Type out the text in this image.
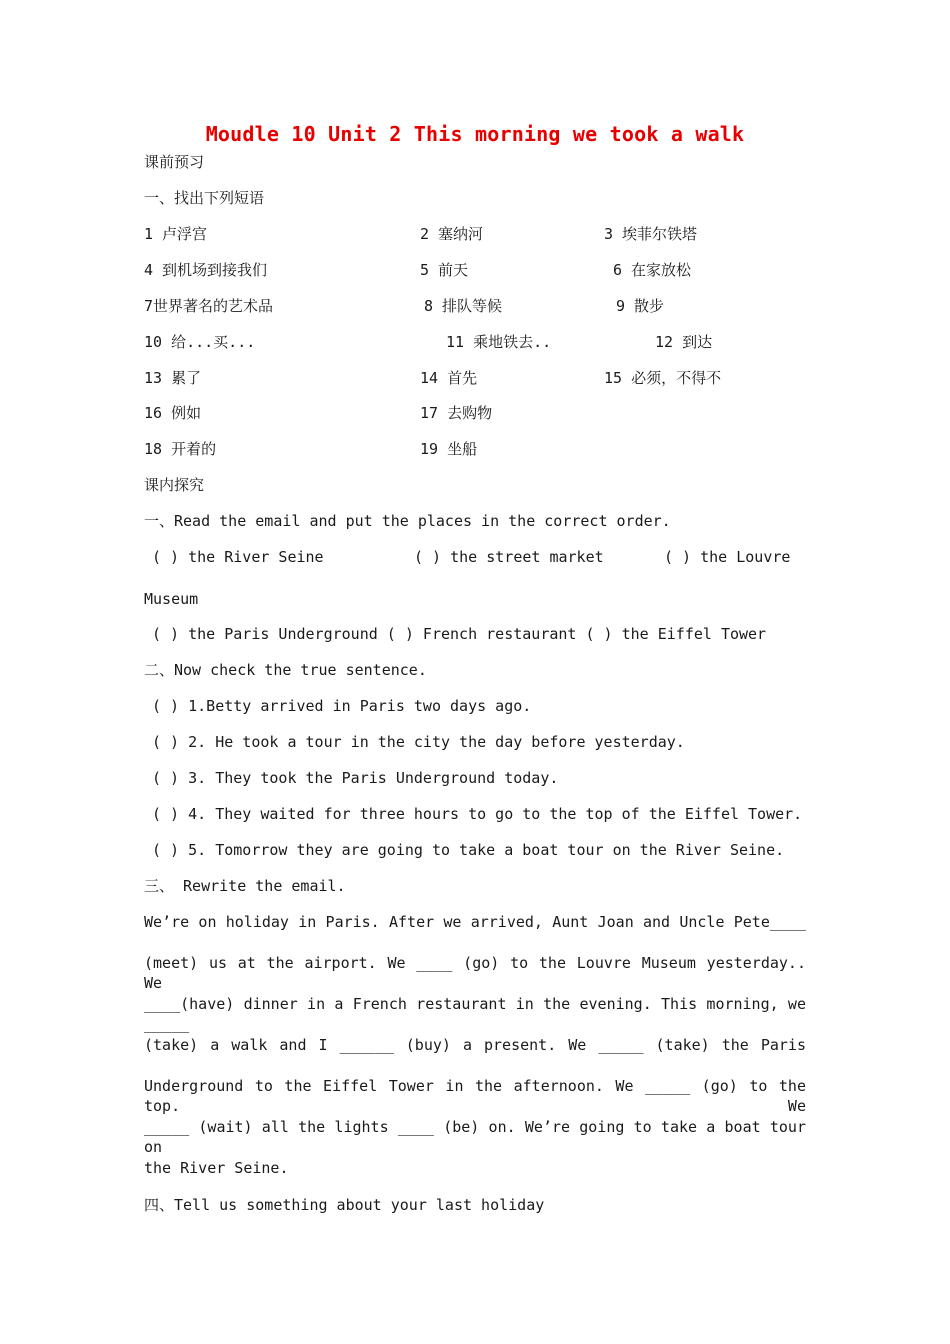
Moudle 10 Unit 2 This morning we took a walk
课前预习
一、找出下列短语
1 卢浮宫	2 塞纳河	3 埃菲尔铁塔
4 到机场到接我们	5 前天	6 在家放松
7世界著名的艺术品	8 排队等候	9 散步
10 给...买...	11 乘地铁去..	12 到达
13 累了	14 首先	15 必须，不得不
16 例如	17 去购物
18 开着的	19 坐船
课内探究
一、Read the email and put the places in the correct order.
( ) the River Seine	( ) the street market	( ) the Louvre
Museum
( ) the Paris Underground ( ) French restaurant ( ) the Eiffel Tower
二、Now check the true sentence.
( ) 1.Betty arrived in Paris two days ago.
( ) 2. He took a tour in the city the day before yesterday.
( ) 3. They took the Paris Underground today.
( ) 4. They waited for three hours to go to the top of the Eiffel Tower.
( ) 5. Tomorrow they are going to take a boat tour on the River Seine.
三、 Rewrite the email.
We’re on holiday in Paris. After we arrived, Aunt Joan and Uncle Pete____
(meet) us at the airport. We ____ (go) to the Louvre Museum yesterday.. We
____(have) dinner in a French restaurant in the evening. This morning, we _____
(take) a walk and I ______ (buy) a present. We _____ (take) the Paris
Underground to the Eiffel Tower in the afternoon. We _____ (go) to the top. We
_____ (wait) all the lights ____ (be) on. We’re going to take a boat tour on
the River Seine.
四、Tell us something about your last holiday
